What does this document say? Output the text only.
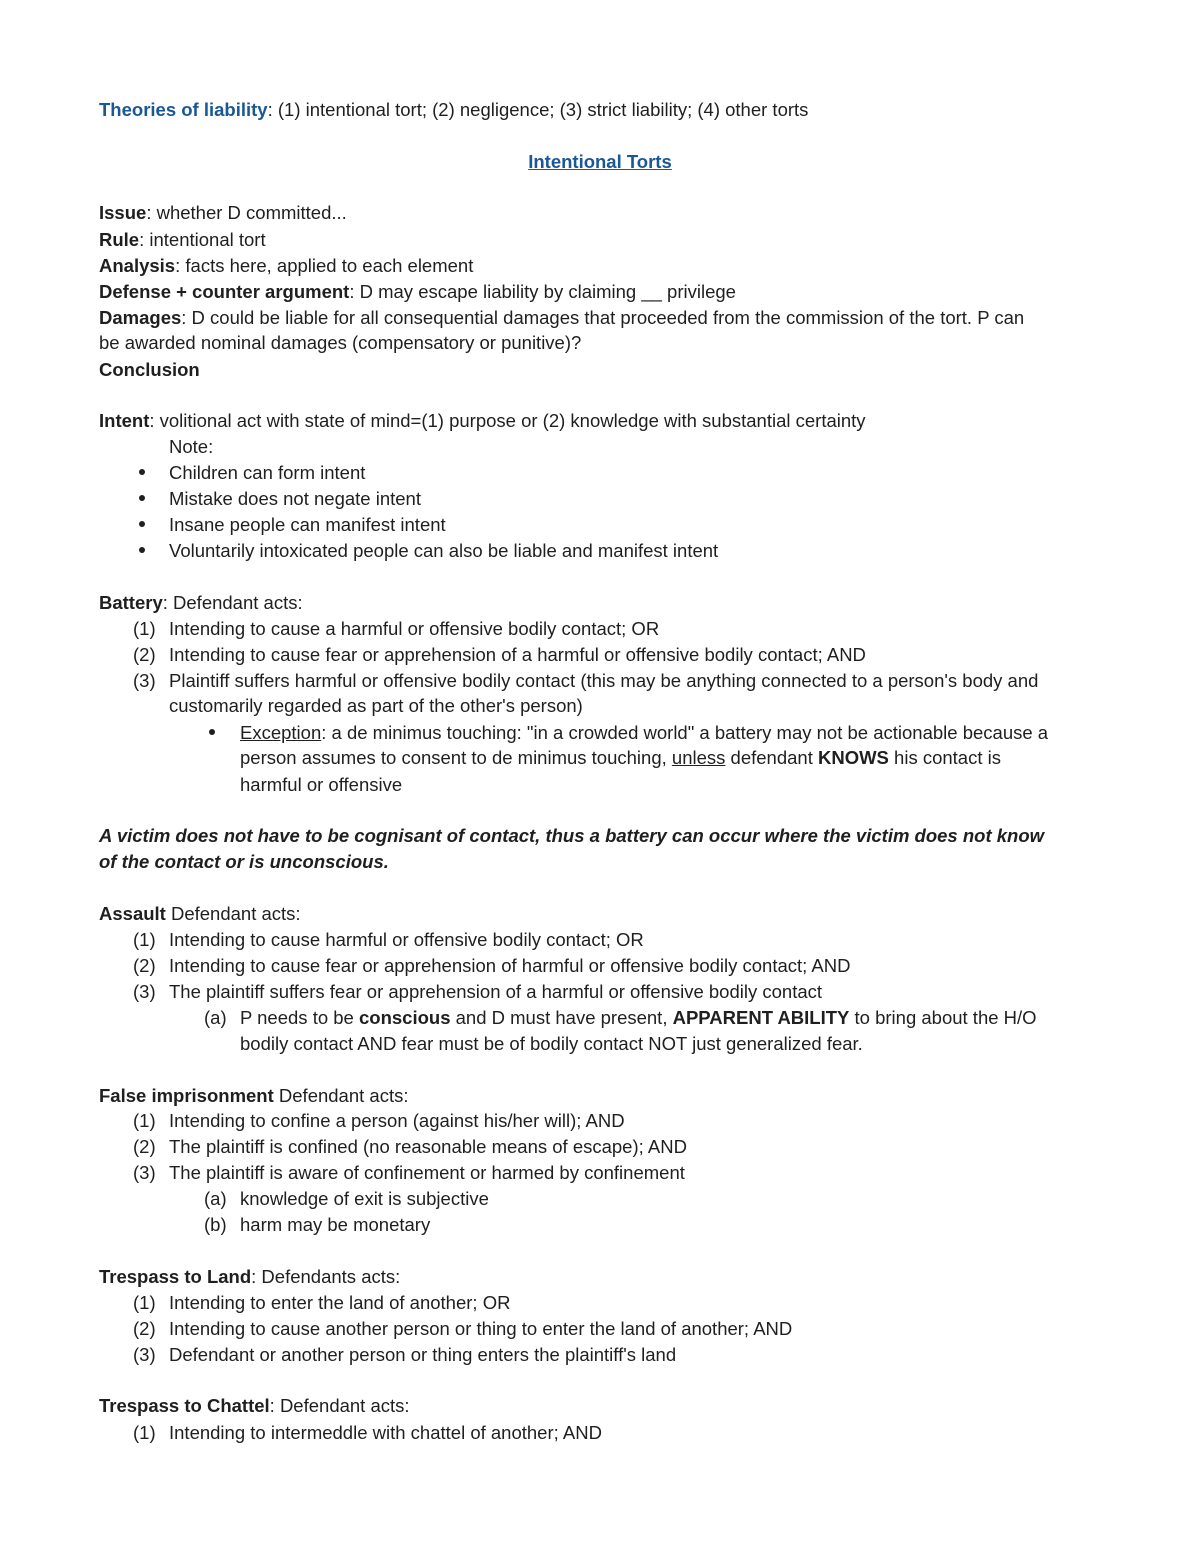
Theories of liability: (1) intentional tort; (2) negligence; (3) strict liability; (4) other torts
Intentional Torts
Issue: whether D committed...
Rule: intentional tort
Analysis: facts here, applied to each element
Defense + counter argument: D may escape liability by claiming __ privilege
Damages: D could be liable for all consequential damages that proceeded from the commission of the tort. P can
be awarded nominal damages (compensatory or punitive)?
Conclusion
Intent: volitional act with state of mind=(1) purpose or (2) knowledge with substantial certainty
Note:
Children can form intent
Mistake does not negate intent
Insane people can manifest intent
Voluntarily intoxicated people can also be liable and manifest intent
Battery: Defendant acts:
(1) Intending to cause a harmful or offensive bodily contact; OR
(2) Intending to cause fear or apprehension of a harmful or offensive bodily contact; AND
(3) Plaintiff suffers harmful or offensive bodily contact (this may be anything connected to a person's body and
customarily regarded as part of the other's person)
Exception: a de minimus touching: "in a crowded world" a battery may not be actionable because a
person assumes to consent to de minimus touching, unless defendant KNOWS his contact is
harmful or offensive
A victim does not have to be cognisant of contact, thus a battery can occur where the victim does not know
of the contact or is unconscious.
Assault Defendant acts:
(1) Intending to cause harmful or offensive bodily contact; OR
(2) Intending to cause fear or apprehension of harmful or offensive bodily contact; AND
(3) The plaintiff suffers fear or apprehension of a harmful or offensive bodily contact
(a) P needs to be conscious and D must have present, APPARENT ABILITY to bring about the H/O
bodily contact AND fear must be of bodily contact NOT just generalized fear.
False imprisonment Defendant acts:
(1) Intending to confine a person (against his/her will); AND
(2) The plaintiff is confined (no reasonable means of escape); AND
(3) The plaintiff is aware of confinement or harmed by confinement
(a) knowledge of exit is subjective
(b) harm may be monetary
Trespass to Land: Defendants acts:
(1) Intending to enter the land of another; OR
(2) Intending to cause another person or thing to enter the land of another; AND
(3) Defendant or another person or thing enters the plaintiff's land
Trespass to Chattel: Defendant acts:
(1) Intending to intermeddle with chattel of another; AND
